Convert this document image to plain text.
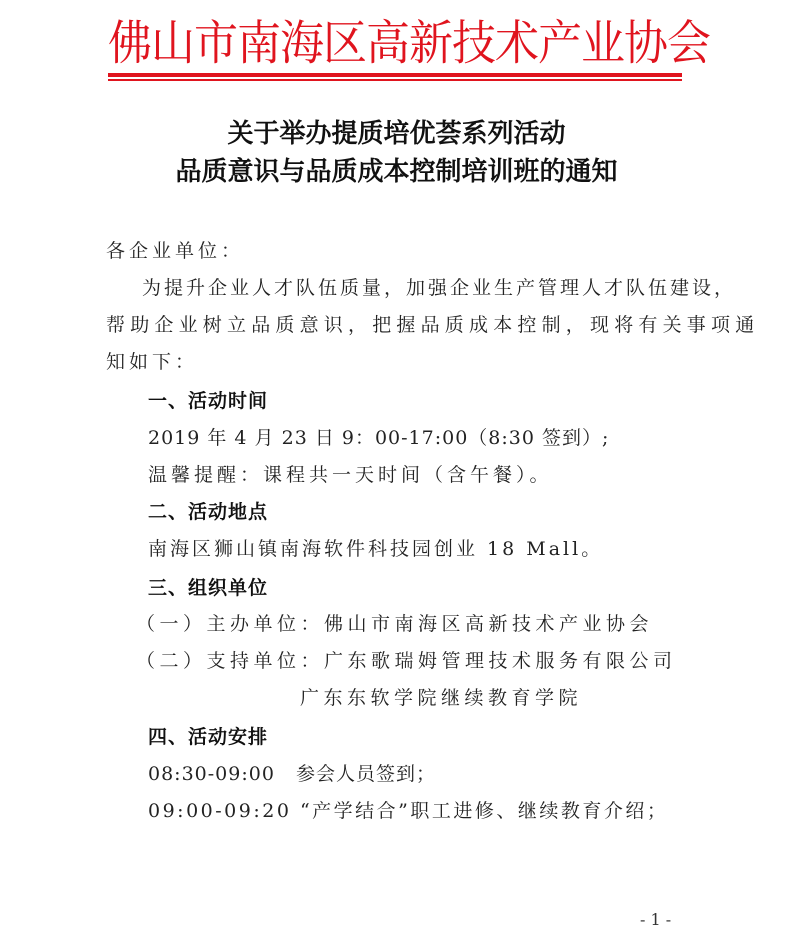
佛山市南海区高新技术产业协会
关于举办提质培优荟系列活动
品质意识与品质成本控制培训班的通知
各企业单位：
为提升企业人才队伍质量，加强企业生产管理人才队伍建设，
帮助企业树立品质意识，把握品质成本控制，现将有关事项通
知如下：
一、活动时间
2019 年 4 月 23 日 9：00-17:00（8:30 签到）;
温馨提醒：课程共一天时间（含午餐）。
二、活动地点
南海区狮山镇南海软件科技园创业 18 Mall。
三、组织单位
（一）主办单位：佛山市南海区高新技术产业协会
（二）支持单位：广东歌瑞姆管理技术服务有限公司
广东东软学院继续教育学院
四、活动安排
08:30-09:00   参会人员签到；
09:00-09:20 “产学结合”职工进修、继续教育介绍；
- 1 -
